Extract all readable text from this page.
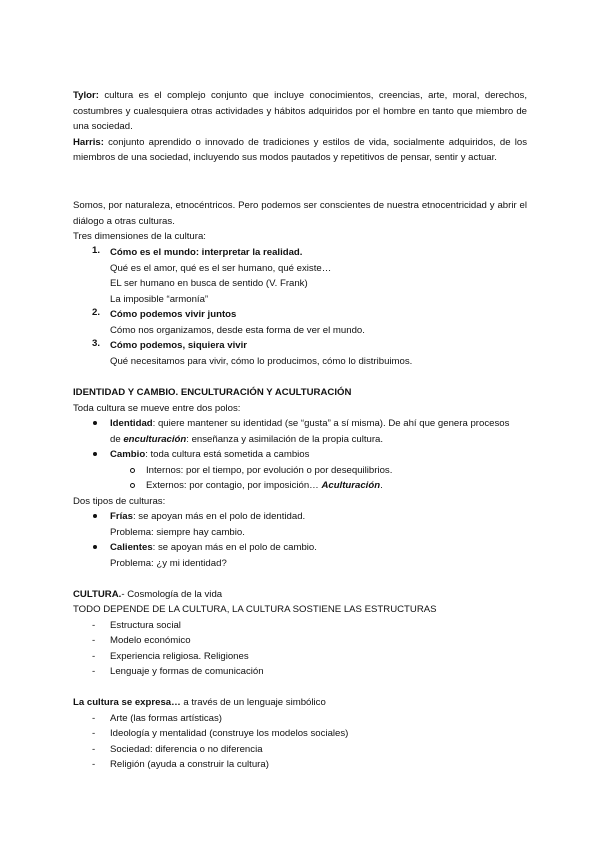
Tylor: cultura es el complejo conjunto que incluye conocimientos, creencias, arte, moral, derechos, costumbres y cualesquiera otras actividades y hábitos adquiridos por el hombre en tanto que miembro de una sociedad.

Harris: conjunto aprendido o innovado de tradiciones y estilos de vida, socialmente adquiridos, de los miembros de una sociedad, incluyendo sus modos pautados y repetitivos de pensar, sentir y actuar.

Somos, por naturaleza, etnocéntricos. Pero podemos ser conscientes de nuestra etnocentricidad y abrir el diálogo a otras culturas.

Tres dimensiones de la cultura:
1. Cómo es el mundo: interpretar la realidad.
Qué es el amor, qué es el ser humano, qué existe…
EL ser humano en busca de sentido (V. Frank)
La imposible “armonía”
2. Cómo podemos vivir juntos
Cómo nos organizamos, desde esta forma de ver el mundo.
3. Cómo podemos, siquiera vivir
Qué necesitamos para vivir, cómo lo producimos, cómo lo distribuimos.
IDENTIDAD Y CAMBIO. ENCULTURACIÓN Y ACULTURACIÓN
Toda cultura se mueve entre dos polos:
Identidad: quiere mantener su identidad (se “gusta” a sí misma). De ahí que genera procesos
de enculturación: enseñanza y asimilación de la propia cultura.
Cambio: toda cultura está sometida a cambios
Internos: por el tiempo, por evolución o por desequilibrios.
Externos: por contagio, por imposición… Aculturación.
Dos tipos de culturas:
Frías: se apoyan más en el polo de identidad.
Problema: siempre hay cambio.
Calientes: se apoyan más en el polo de cambio.
Problema: ¿y mi identidad?
CULTURA.- Cosmología de la vida
TODO DEPENDE DE LA CULTURA, LA CULTURA SOSTIENE LAS ESTRUCTURAS
- Estructura social
- Modelo económico
- Experiencia religiosa. Religiones
- Lenguaje y formas de comunicación
La cultura se expresa… a través de un lenguaje simbólico
- Arte (las formas artísticas)
- Ideología y mentalidad (construye los modelos sociales)
- Sociedad: diferencia o no diferencia
- Religión (ayuda a construir la cultura)
